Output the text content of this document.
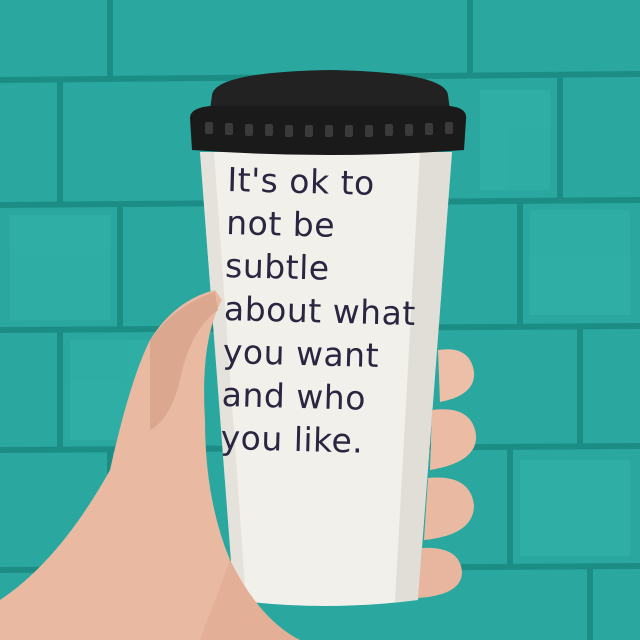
It's ok to
not be
subtle
about what
you want
and who
you like.
